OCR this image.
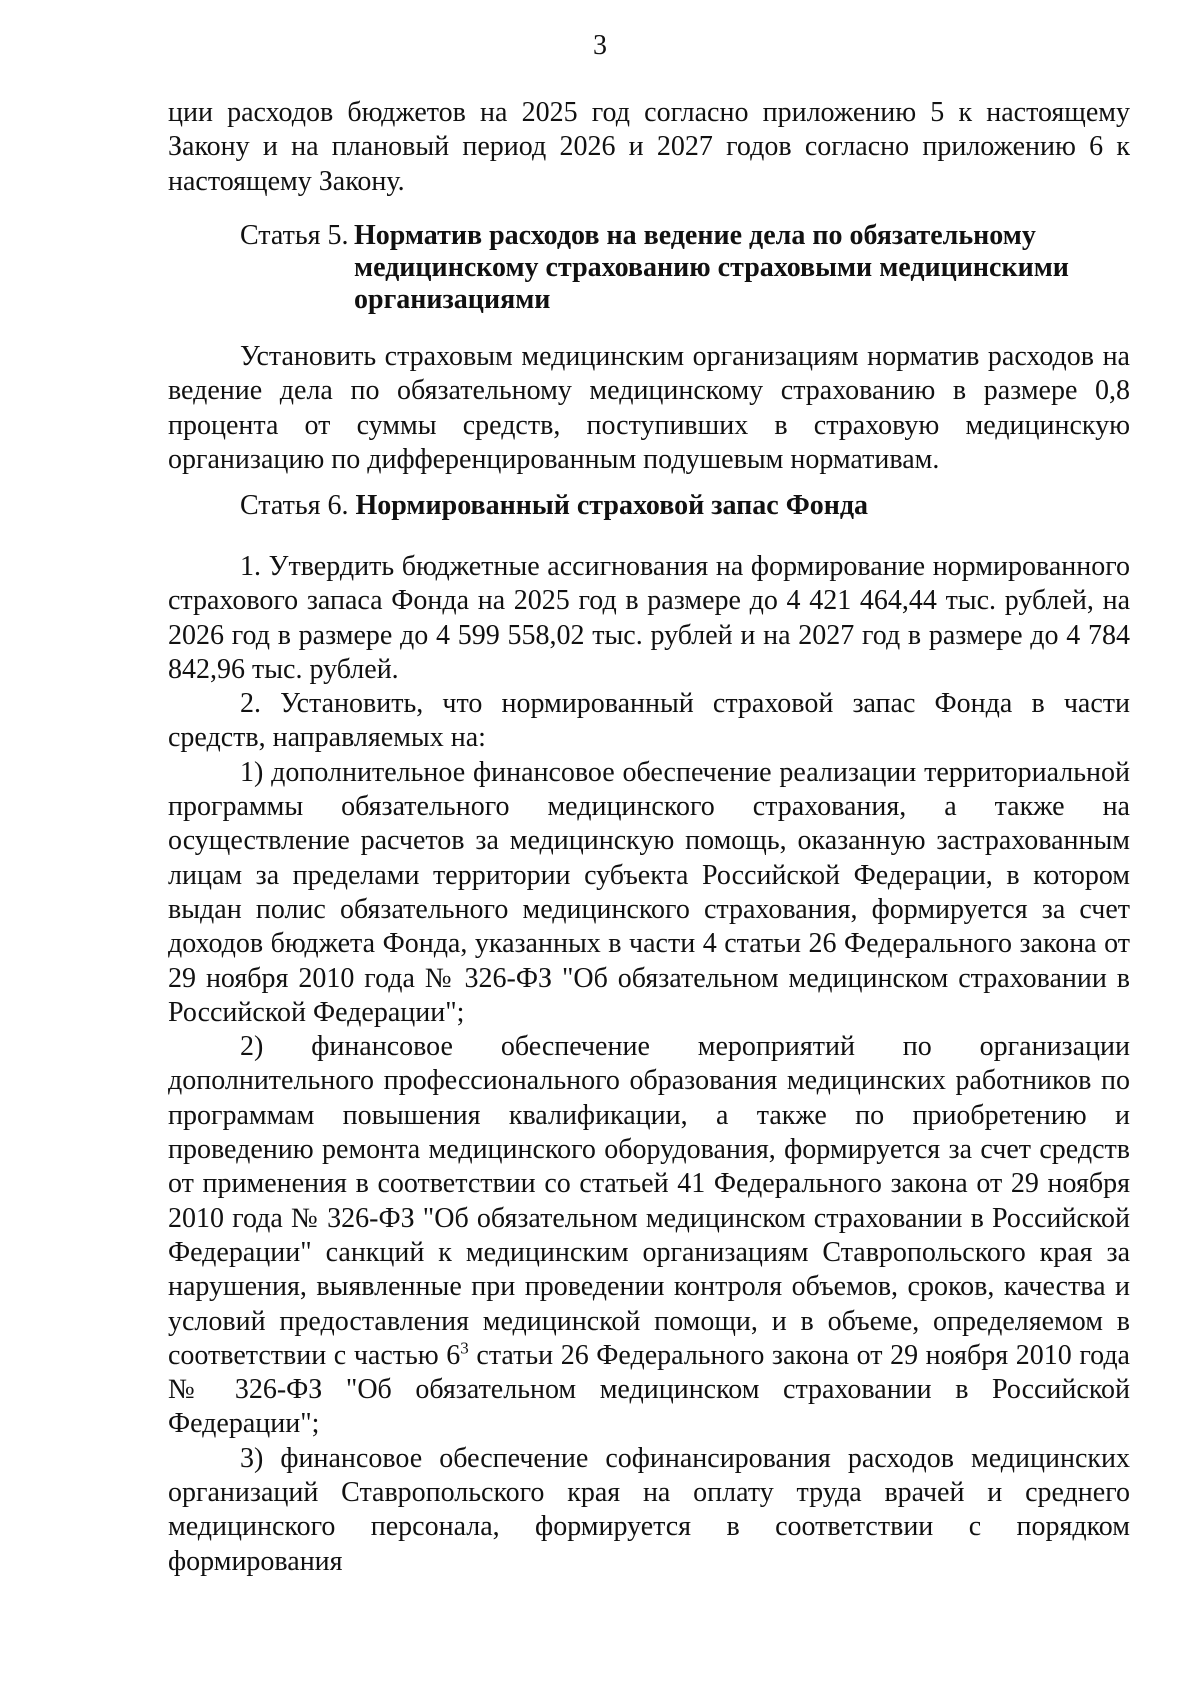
3

ции расходов бюджетов на 2025 год согласно приложению 5 к настоящему Закону и на плановый период 2026 и 2027 годов согласно приложению 6 к настоящему Закону.

Статья 5. Норматив расходов на ведение дела по обязательному медицинскому страхованию страховыми медицинскими организациями

Установить страховым медицинским организациям норматив расходов на ведение дела по обязательному медицинскому страхованию в размере 0,8 процента от суммы средств, поступивших в страховую медицинскую организацию по дифференцированным подушевым нормативам.

Статья 6. Нормированный страховой запас Фонда

1. Утвердить бюджетные ассигнования на формирование нормированного страхового запаса Фонда на 2025 год в размере до 4 421 464,44 тыс. рублей, на 2026 год в размере до 4 599 558,02 тыс. рублей и на 2027 год в размере до 4 784 842,96 тыс. рублей.

2. Установить, что нормированный страховой запас Фонда в части средств, направляемых на:

1) дополнительное финансовое обеспечение реализации территориальной программы обязательного медицинского страхования, а также на осуществление расчетов за медицинскую помощь, оказанную застрахованным лицам за пределами территории субъекта Российской Федерации, в котором выдан полис обязательного медицинского страхования, формируется за счет доходов бюджета Фонда, указанных в части 4 статьи 26 Федерального закона от 29 ноября 2010 года № 326-ФЗ "Об обязательном медицинском страховании в Российской Федерации";

2) финансовое обеспечение мероприятий по организации дополнительного профессионального образования медицинских работников по программам повышения квалификации, а также по приобретению и проведению ремонта медицинского оборудования, формируется за счет средств от применения в соответствии со статьей 41 Федерального закона от 29 ноября 2010 года № 326-ФЗ "Об обязательном медицинском страховании в Российской Федерации" санкций к медицинским организациям Ставропольского края за нарушения, выявленные при проведении контроля объемов, сроков, качества и условий предоставления медицинской помощи, и в объеме, определяемом в соответствии с частью $6^3$ статьи 26 Федерального закона от 29 ноября 2010 года № 326-ФЗ "Об обязательном медицинском страховании в Российской Федерации";

3) финансовое обеспечение софинансирования расходов медицинских организаций Ставропольского края на оплату труда врачей и среднего медицинского персонала, формируется в соответствии с порядком формирования
